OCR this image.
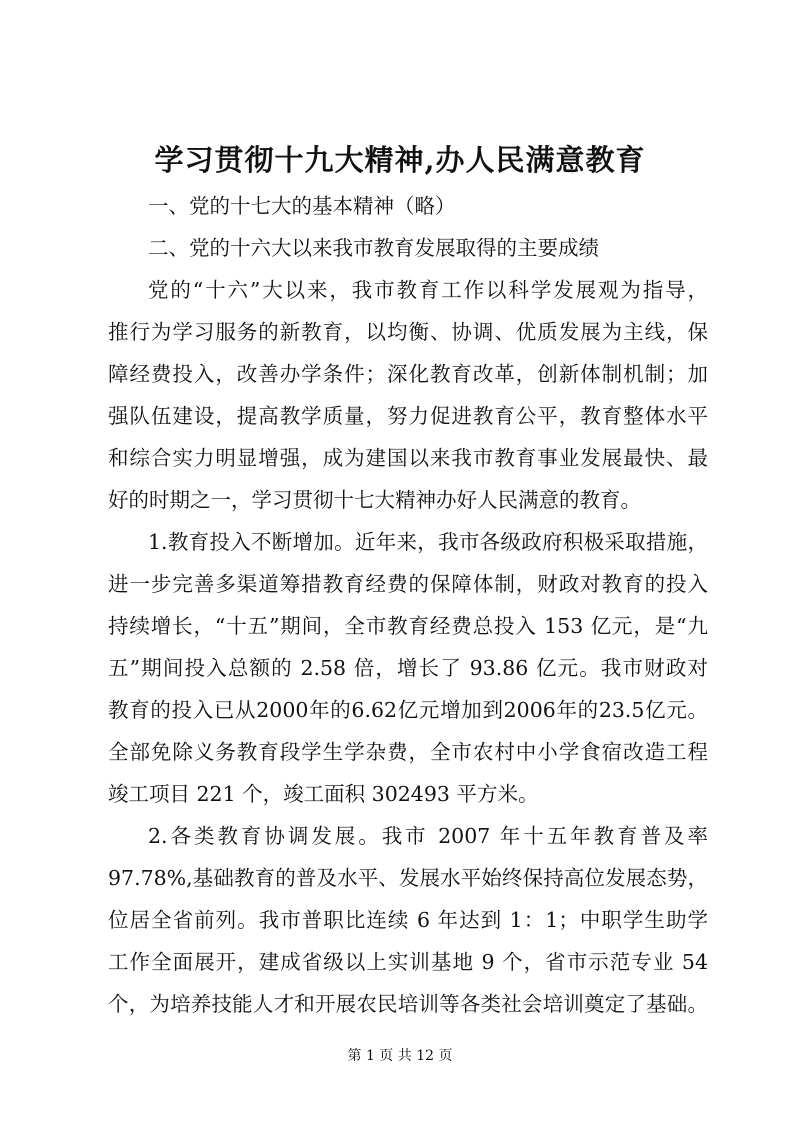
学习贯彻十九大精神,办人民满意教育
一、党的十七大的基本精神（略）
二、党的十六大以来我市教育发展取得的主要成绩
党的“十六”大以来，我市教育工作以科学发展观为指导，
推行为学习服务的新教育，以均衡、协调、优质发展为主线，保
障经费投入，改善办学条件；深化教育改革，创新体制机制；加
强队伍建设，提高教学质量，努力促进教育公平，教育整体水平
和综合实力明显增强，成为建国以来我市教育事业发展最快、最
好的时期之一，学习贯彻十七大精神办好人民满意的教育。
1.教育投入不断增加。近年来，我市各级政府积极采取措施，
进一步完善多渠道筹措教育经费的保障体制，财政对教育的投入
持续增长，“十五”期间，全市教育经费总投入 153 亿元，是“九
五”期间投入总额的 2.58 倍，增长了 93.86 亿元。我市财政对
教育的投入已从2000年的6.62亿元增加到2006年的23.5亿元。
全部免除义务教育段学生学杂费，全市农村中小学食宿改造工程
竣工项目 221 个，竣工面积 302493 平方米。
2.各类教育协调发展。我市 2007 年十五年教育普及率
97.78%,基础教育的普及水平、发展水平始终保持高位发展态势，
位居全省前列。我市普职比连续 6 年达到 1：1；中职学生助学
工作全面展开，建成省级以上实训基地 9 个，省市示范专业 54
个，为培养技能人才和开展农民培训等各类社会培训奠定了基础。
第 1 页 共 12 页
